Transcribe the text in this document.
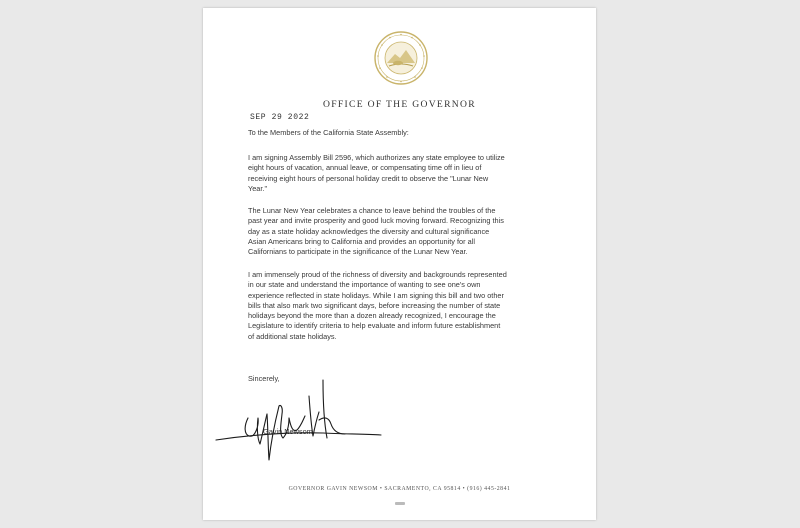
OFFICE OF THE GOVERNOR
SEP 29 2022
To the Members of the California State Assembly:
I am signing Assembly Bill 2596, which authorizes any state employee to utilize
eight hours of vacation, annual leave, or compensating time off in lieu of
receiving eight hours of personal holiday credit to observe the "Lunar New
Year."
The Lunar New Year celebrates a chance to leave behind the troubles of the
past year and invite prosperity and good luck moving forward. Recognizing this
day as a state holiday acknowledges the diversity and cultural significance
Asian Americans bring to California and provides an opportunity for all
Californians to participate in the significance of the Lunar New Year.
I am immensely proud of the richness of diversity and backgrounds represented
in our state and understand the importance of wanting to see one's own
experience reflected in state holidays. While I am signing this bill and two other
bills that also mark two significant days, before increasing the number of state
holidays beyond the more than a dozen already recognized, I encourage the
Legislature to identify criteria to help evaluate and inform future establishment
of additional state holidays.
Sincerely,
Gavin Newsom
GOVERNOR GAVIN NEWSOM • SACRAMENTO, CA 95814 • (916) 445-2841
